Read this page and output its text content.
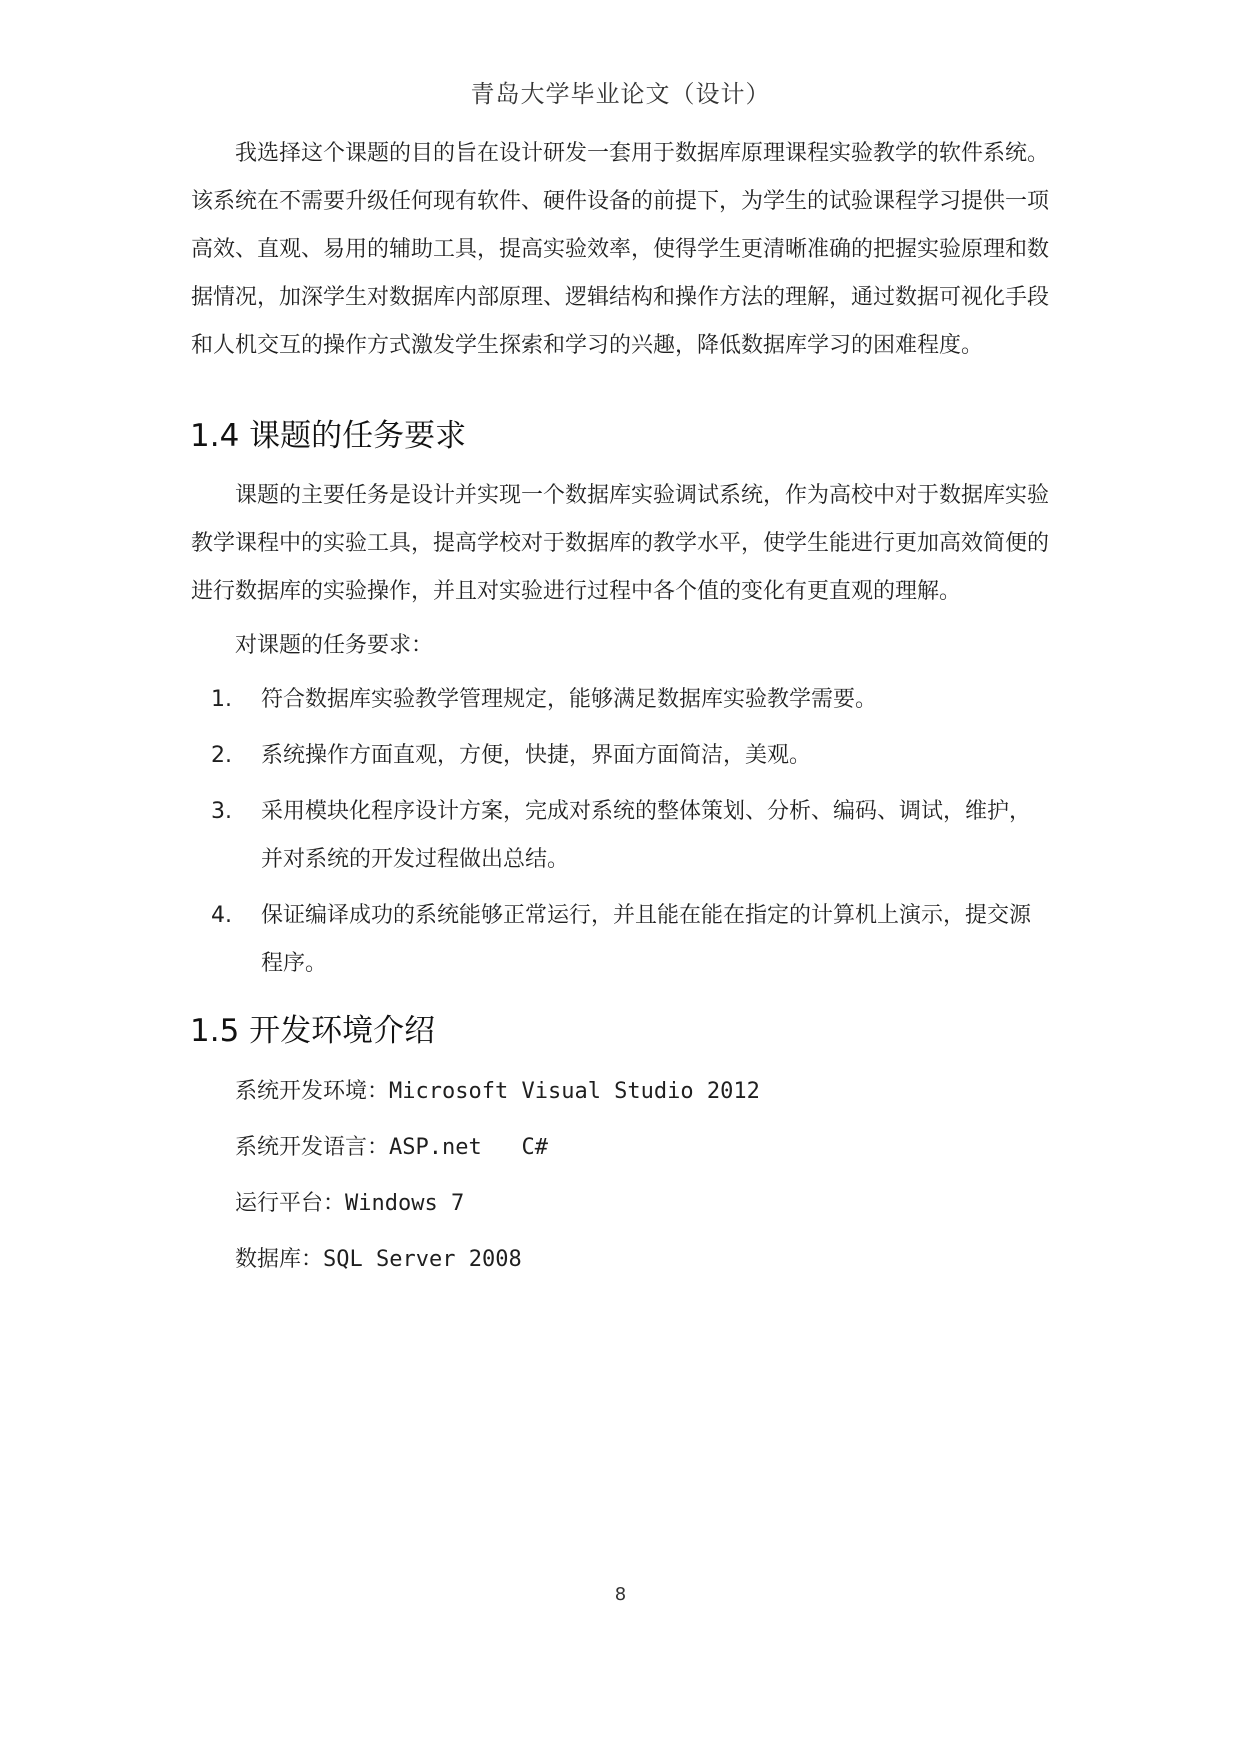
青岛大学毕业论文（设计）

我选择这个课题的目的旨在设计研发一套用于数据库原理课程实验教学的软件系统。该系统在不需要升级任何现有软件、硬件设备的前提下，为学生的试验课程学习提供一项高效、直观、易用的辅助工具，提高实验效率，使得学生更清晰准确的把握实验原理和数据情况，加深学生对数据库内部原理、逻辑结构和操作方法的理解，通过数据可视化手段和人机交互的操作方式激发学生探索和学习的兴趣，降低数据库学习的困难程度。

1.4 课题的任务要求

课题的主要任务是设计并实现一个数据库实验调试系统，作为高校中对于数据库实验教学课程中的实验工具，提高学校对于数据库的教学水平，使学生能进行更加高效简便的进行数据库的实验操作，并且对实验进行过程中各个值的变化有更直观的理解。

对课题的任务要求：

1.	符合数据库实验教学管理规定，能够满足数据库实验教学需要。
2.	系统操作方面直观，方便，快捷，界面方面简洁，美观。
3.	采用模块化程序设计方案，完成对系统的整体策划、分析、编码、调试，维护，并对系统的开发过程做出总结。
4.	保证编译成功的系统能够正常运行，并且能在能在指定的计算机上演示，提交源程序。
1.5 开发环境介绍

系统开发环境：Microsoft Visual Studio 2012

系统开发语言：ASP.net   C#

运行平台：Windows 7

数据库：SQL Server 2008

8
